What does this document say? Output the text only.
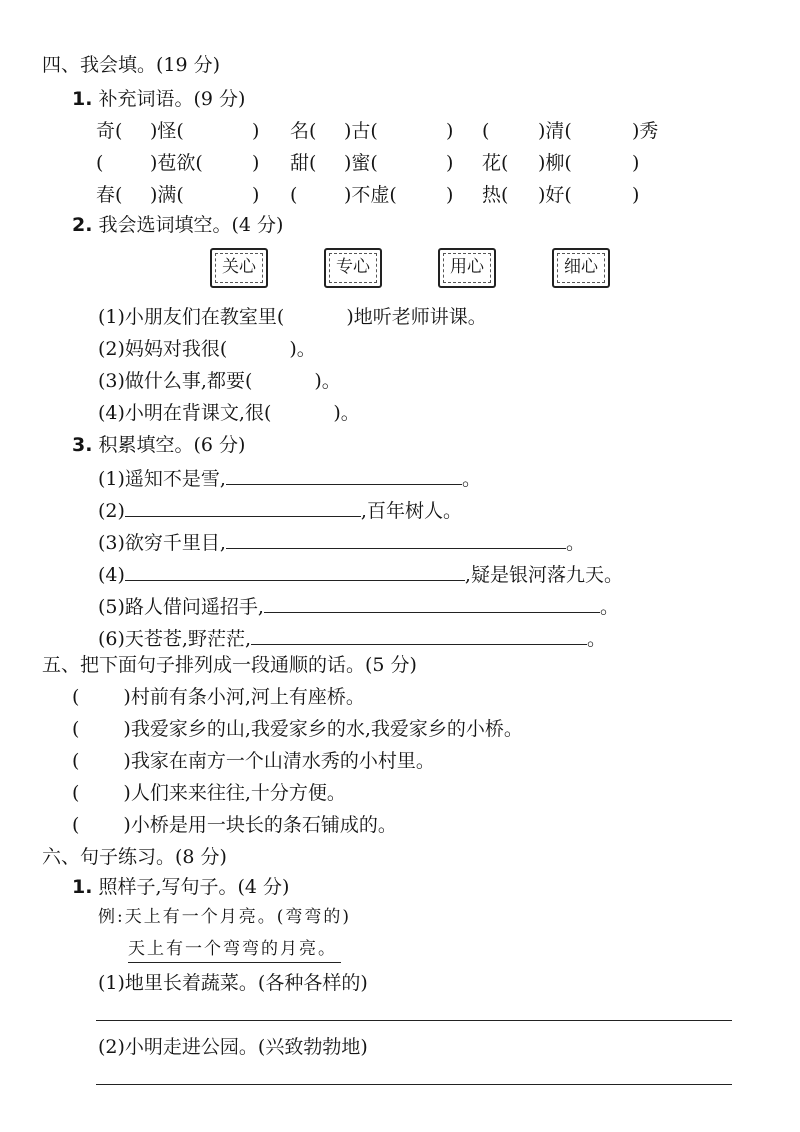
四、我会填。(19 分)
1. 补充词语。(9 分)
奇( )怪(	) 名( )古(	) (	)清(	)秀
( )苞欲(	) 甜( )蜜(	) 花( )柳(	)
春( )满(	) ( )不虚(	) 热( )好(	)
2. 我会选词填空。(4 分)
关心	专心	用心	细心
(1)小朋友们在教室里(	)地听老师讲课。
(2)妈妈对我很(	)。
(3)做什么事,都要(	)。
(4)小明在背课文,很(	)。
3. 积累填空。(6 分)
(1)遥知不是雪,	。
(2)	,百年树人。
(3)欲穷千里目,	。
(4)	,疑是银河落九天。
(5)路人借问遥招手,	。
(6)天苍苍,野茫茫,	。
五、把下面句子排列成一段通顺的话。(5 分)
( )村前有条小河,河上有座桥。
( )我爱家乡的山,我爱家乡的水,我爱家乡的小桥。
( )我家在南方一个山清水秀的小村里。
( )人们来来往往,十分方便。
( )小桥是用一块长的条石铺成的。
六、句子练习。(8 分)
1. 照样子,写句子。(4 分)
例:天上有一个月亮。(弯弯的)
天上有一个弯弯的月亮。
(1)地里长着蔬菜。(各种各样的)
(2)小明走进公园。(兴致勃勃地)
